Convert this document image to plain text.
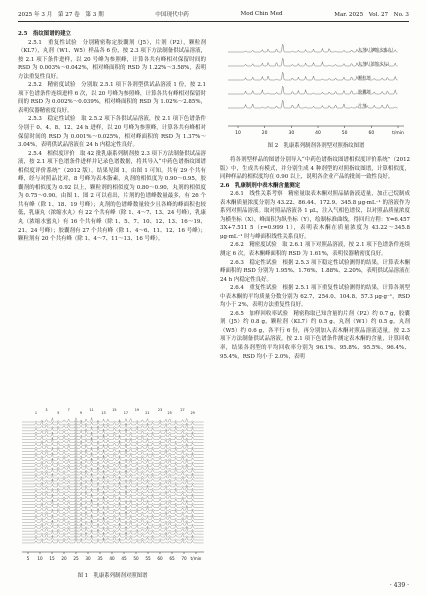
2025 年 3 月　第 27 卷　第 3 期	中国现代中药	Mod Chin Med	Mar. 2025　Vol. 27　No. 3

2.5　指纹图谱的建立

2.5.1　重复性试验　分别精密称定胶囊剂（J5），片剂（P2），颗粒剂（KL7），丸剂（W1、W5）样品各 6 份，按 2.3 项下方法制备供试品溶液，按 2.1 项下条件进样，以 20 号峰为参照峰，计算各共有峰相对保留时间的 RSD 为 0.003%～0.042%，相对峰面积的 RSD 为 1.22%～3.58%，表明方法重复性良好。

2.5.2　精密度试验　分别取 2.5.1 项下各剂型供试品溶液 1 份，按 2.1 项下色谱条件连续进样 6 次，以 20 号峰为参照峰，计算各共有峰相对保留时间的 RSD 为 0.002%～0.039%，相对峰面积的 RSD 为 1.02%～2.85%，表明仪器精密度良好。

2.5.3　稳定性试验　取 2.5.2 项下各供试品溶液，按 2.1 项下色谱条件分别于 0、4、8、12、24 h 进样，以 20 号峰为参照峰，计算各共有峰相对保留时间的 RSD 为 0.001%～0.025%，相对峰面积的 RSD 为 1.37%～3.04%，表明供试品溶液在 24 h 内稳定性良好。

2.5.4　相似度评价　取 42 批乳康系列制剂按 2.3 项下方法制备供试品溶液，按 2.1 项下色谱条件进样并记录色谱数据，将其导入“中药色谱指纹图谱相似度评价系统”（2012 版），结果见图 1。由图 1 可知，共有 29 个共有峰，经与对照品比对，8 号峰为表木脂素，丸剂的相似度为 0.90～0.95，胶囊剂的相似度为 0.92 以上，颗粒剂的相似度为 0.80～0.90，丸剂的相似度为 0.75～0.90。由图 1、图 2 可以看出，片剂的色谱峰数量最多，有 26 个共有峰（除 1、18、19 号峰）；丸剂的色谱峰数量较少且各峰的峰面积也较低，乳康丸（浓缩水丸）有 22 个共有峰（除 1、4～7、13、24 号峰），乳康丸（浓缩水蜜丸）有 16 个共有峰（除 1、5、7、10、12、13、16～19、21、24 号峰）；胶囊剂有 27 个共有峰（除 1、4～6、11、12、16 号峰）；颗粒剂有 20 个共有峰（除 1、4～7、11～13、16 号峰）。

10	20	30	40	50	60	t/min
丸剂（浓缩水蜜丸）
丸剂（浓缩水丸）
颗粒剂
胶囊剂
片剂
图 2　乳康系列制剂各剂型对照指纹图谱

将各剂型样品的图谱分别导入“中药色谱指纹图谱相似度评价系统”（2012 版）中，生成共有模式，并分别生成 4 种剂型的对照指纹图谱，计算相似度，同种样品的相似度均在 0.90 以上，说明各企业产品的批间一致性良好。

2.6　乳康制剂中表木酮含量测定

2.6.1　线性关系考察　精密量取表木酮对照品储备液适量，加正己烷制成表木酮质量浓度分别为 43.22、86.44、172.9、345.8 μg·mL⁻¹ 的溶液作为系列对照品溶液。取对照品溶液各 1 μL，注入气相色谱仪，以对照品质量浓度为横坐标（X），峰面积为纵坐标（Y），绘制标准曲线，得回归方程：Y=6.457 3X+7.511 5（r=0.999 1），表明表木酮在质量浓度为 43.22～345.8 μg·mL⁻¹ 时与峰面积线性关系良好。

2.6.2　精密度试验　取 2.6.1 项下对照品溶液，按 2.1 项下色谱条件连续测定 6 次，表木酮峰面积的 RSD 为 1.61%，表明仪器精密度良好。

2.6.3　稳定性试验　根据 2.5.3 项下稳定性试验测得的结果，计算表木酮峰面积的 RSD 分别为 1.95%、1.76%、1.88%、2.20%，表明供试品溶液在 24 h 内稳定性良好。

2.6.4　重复性试验　根据 2.5.1 项下重复性试验测得的结果，计算各剂型中表木酮的平均质量分数分别为 62.7、254.0、104.8、57.3 μg·g⁻¹，RSD 均小于 2%，表明方法重复性良好。

2.6.5　加样回收率试验　精密称取已知含量的片剂（P2）约 0.7 g，胶囊剂（J5）约 0.8 g，颗粒剂（KL7）约 0.5 g，丸剂（W1）约 0.5 g，丸剂（W5）约 0.6 g，各平行 6 份，再分别加入表木酮对照品溶液适量，按 2.3 项下方法制备供试品溶液，按 2.1 项下色谱条件测定表木酮的含量，计算回收率，结果各剂型的平均回收率分别为 96.1%、95.8%、95.5%、96.4%、95.4%，RSD 均小于 2.0%，表明

5 10 15 20 25 30 35 40 45 50 55 60 65 70 t/min
1
3
5
7
9
11
13
15
17
19
21
23
25
27
29
图 1　乳康系列制剂对照图谱
· 439 ·
